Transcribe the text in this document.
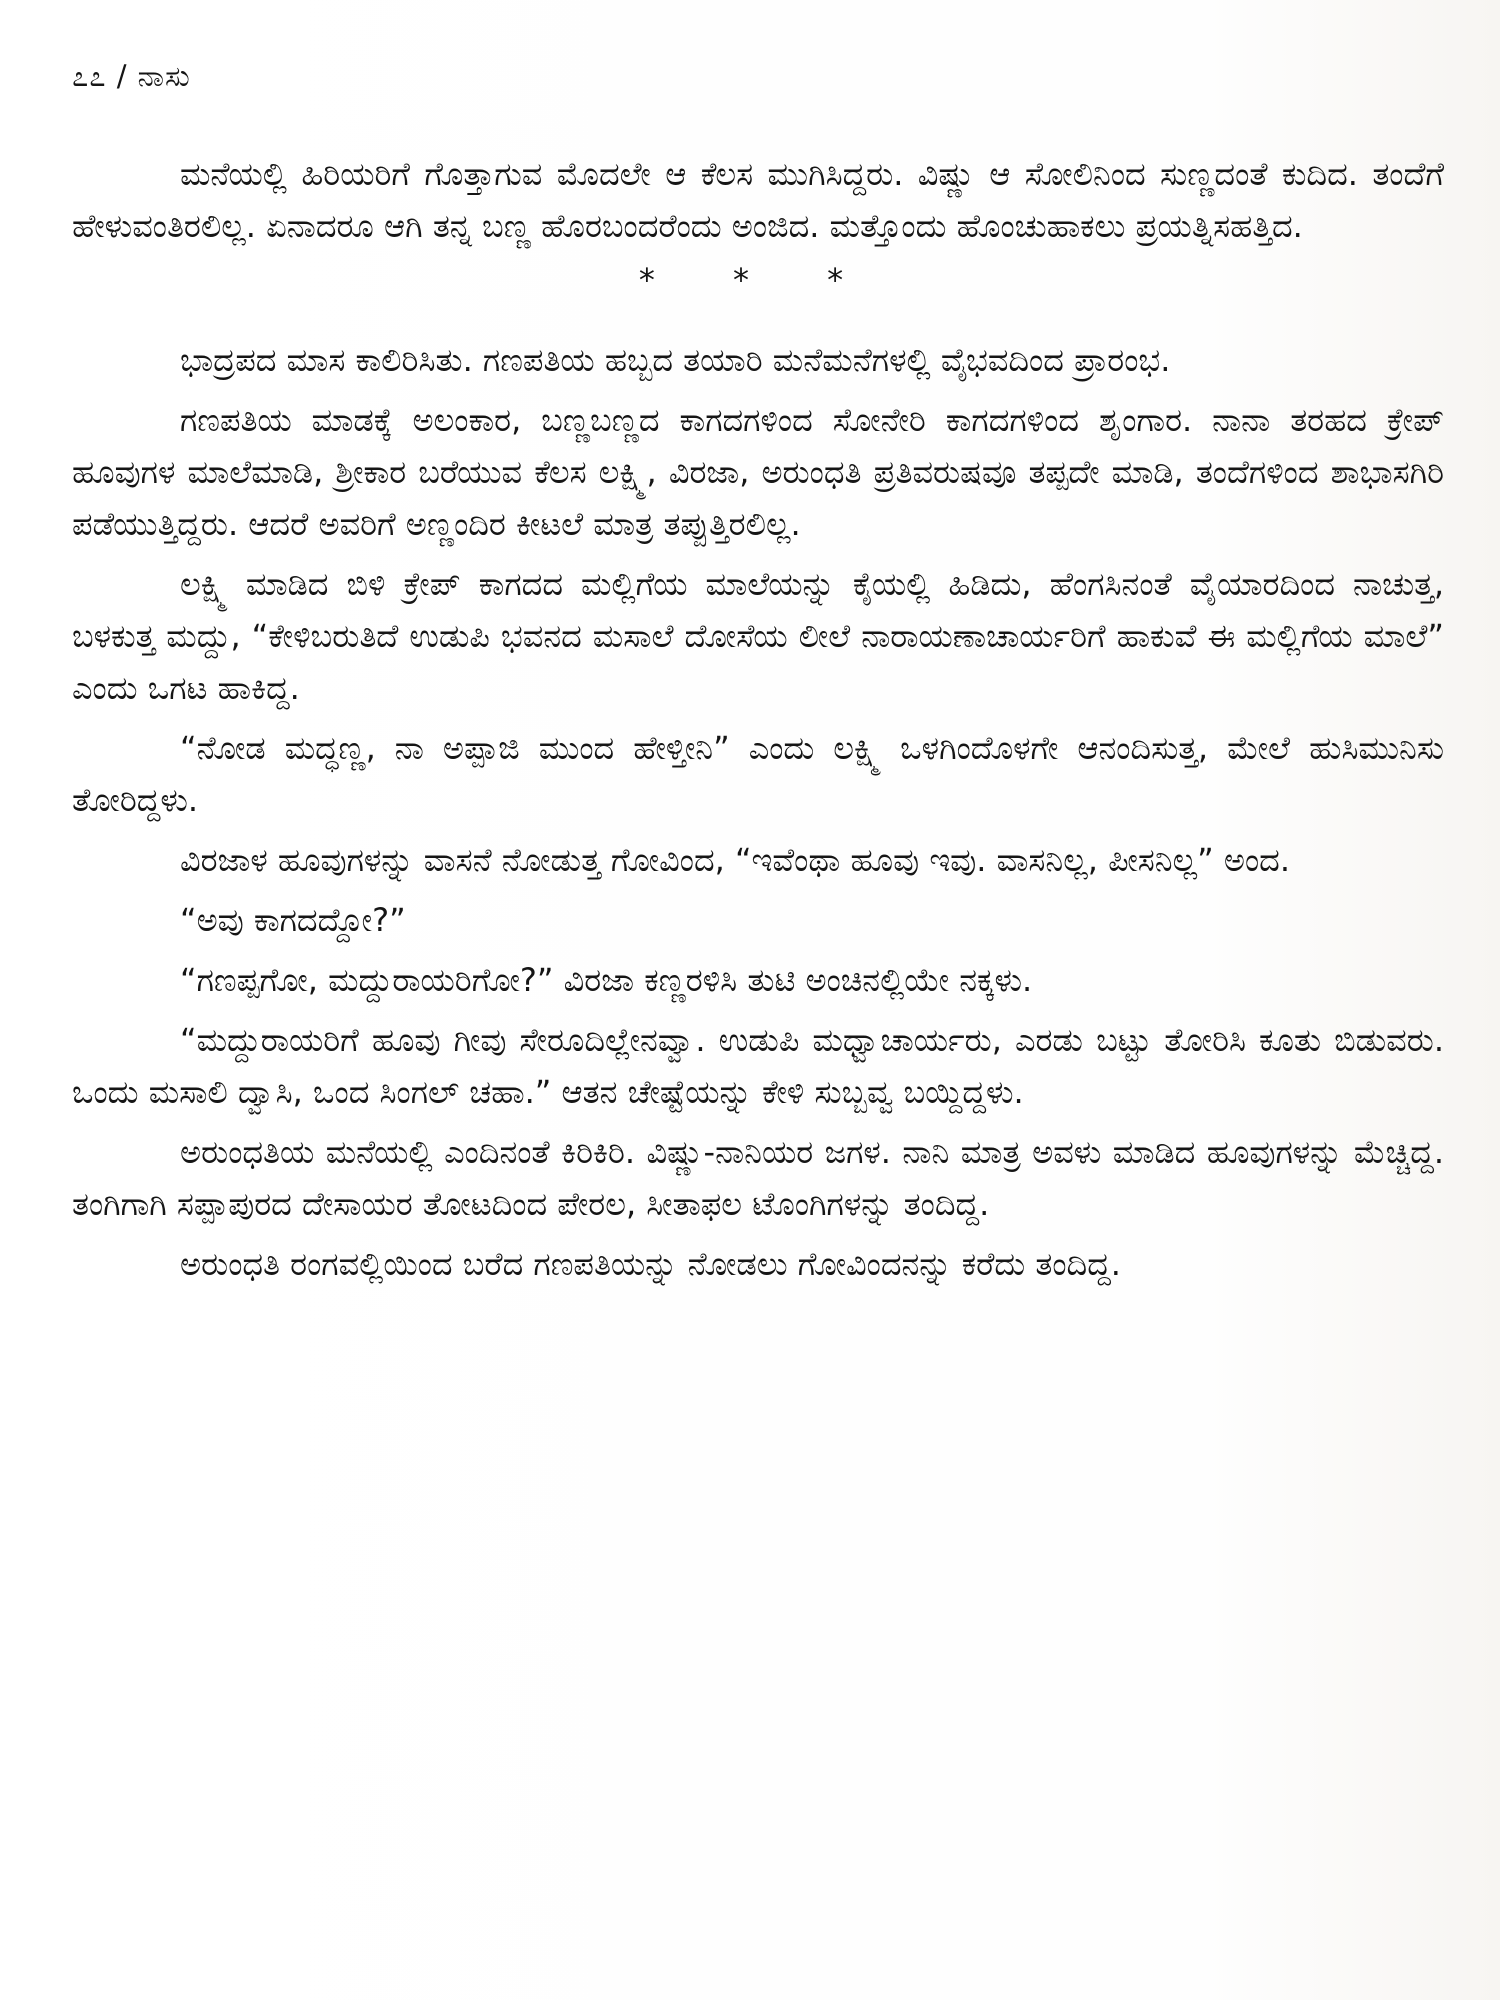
೭೭ / ನಾಸು

ಮನೆಯಲ್ಲಿ ಹಿರಿಯರಿಗೆ ಗೊತ್ತಾಗುವ ಮೊದಲೇ ಆ ಕೆಲಸ ಮುಗಿಸಿದ್ದರು. ವಿಷ್ಣು ಆ ಸೋಲಿನಿಂದ ಸುಣ್ಣದಂತೆ ಕುದಿದ. ತಂದೆಗೆ ಹೇಳುವಂತಿರಲಿಲ್ಲ. ಏನಾದರೂ ಆಗಿ ತನ್ನ ಬಣ್ಣ ಹೊರಬಂದರೆಂದು ಅಂಜಿದ. ಮತ್ತೊಂದು ಹೊಂಚುಹಾಕಲು ಪ್ರಯತ್ನಿಸಹತ್ತಿದ.

* * *

ಭಾದ್ರಪದ ಮಾಸ ಕಾಲಿರಿಸಿತು. ಗಣಪತಿಯ ಹಬ್ಬದ ತಯಾರಿ ಮನೆಮನೆಗಳಲ್ಲಿ ವೈಭವದಿಂದ ಪ್ರಾರಂಭ.

ಗಣಪತಿಯ ಮಾಡಕ್ಕೆ ಅಲಂಕಾರ, ಬಣ್ಣಬಣ್ಣದ ಕಾಗದಗಳಿಂದ ಸೋನೇರಿ ಕಾಗದಗಳಿಂದ ಶೃಂಗಾರ. ನಾನಾ ತರಹದ ಕ್ರೇಪ್ ಹೂವುಗಳ ಮಾಲೆಮಾಡಿ, ಶ್ರೀಕಾರ ಬರೆಯುವ ಕೆಲಸ ಲಕ್ಷ್ಮಿ, ವಿರಜಾ, ಅರುಂಧತಿ ಪ್ರತಿವರುಷವೂ ತಪ್ಪದೇ ಮಾಡಿ, ತಂದೆಗಳಿಂದ ಶಾಭಾಸಗಿರಿ ಪಡೆಯುತ್ತಿದ್ದರು. ಆದರೆ ಅವರಿಗೆ ಅಣ್ಣಂದಿರ ಕೀಟಲೆ ಮಾತ್ರ ತಪ್ಪುತ್ತಿರಲಿಲ್ಲ.

ಲಕ್ಷ್ಮಿ ಮಾಡಿದ ಬಿಳಿ ಕ್ರೇಪ್ ಕಾಗದದ ಮಲ್ಲಿಗೆಯ ಮಾಲೆಯನ್ನು ಕೈಯಲ್ಲಿ ಹಿಡಿದು, ಹೆಂಗಸಿನಂತೆ ವೈಯಾರದಿಂದ ನಾಚುತ್ತ, ಬಳಕುತ್ತ ಮದ್ದು, “ಕೇಳಿಬರುತಿದೆ ಉಡುಪಿ ಭವನದ ಮಸಾಲೆ ದೋಸೆಯ ಲೀಲೆ ನಾರಾಯಣಾಚಾರ್ಯರಿಗೆ ಹಾಕುವೆ ಈ ಮಲ್ಲಿಗೆಯ ಮಾಲೆ” ಎಂದು ಒಗಟ ಹಾಕಿದ್ದ.

“ನೋಡ ಮದ್ಧಣ್ಣ, ನಾ ಅಪ್ಪಾಜಿ ಮುಂದ ಹೇಳ್ತೀನಿ” ಎಂದು ಲಕ್ಷ್ಮಿ ಒಳಗಿಂದೊಳಗೇ ಆನಂದಿಸುತ್ತ, ಮೇಲೆ ಹುಸಿಮುನಿಸು ತೋರಿದ್ದಳು.

ವಿರಜಾಳ ಹೂವುಗಳನ್ನು ವಾಸನೆ ನೋಡುತ್ತ ಗೋವಿಂದ, “ಇವೆಂಥಾ ಹೂವು ಇವು. ವಾಸನಿಲ್ಲ, ಪೀಸನಿಲ್ಲ” ಅಂದ.

“ಅವು ಕಾಗದದ್ದೋ?”

“ಗಣಪ್ಪಗೋ, ಮದ್ದುರಾಯರಿಗೋ?” ವಿರಜಾ ಕಣ್ಣರಳಿಸಿ ತುಟಿ ಅಂಚಿನಲ್ಲಿಯೇ ನಕ್ಕಳು.

“ಮದ್ದುರಾಯರಿಗೆ ಹೂವು ಗೀವು ಸೇರೂದಿಲ್ಲೇನವ್ವಾ. ಉಡುಪಿ ಮಧ್ವಾಚಾರ್ಯರು, ಎರಡು ಬಟ್ಟು ತೋರಿಸಿ ಕೂತು ಬಿಡುವರು. ಒಂದು ಮಸಾಲಿ ದ್ವಾಸಿ, ಒಂದ ಸಿಂಗಲ್ ಚಹಾ.” ಆತನ ಚೇಷ್ಟೆಯನ್ನು ಕೇಳಿ ಸುಬ್ಬವ್ವ ಬಯ್ದಿದ್ದಳು.

ಅರುಂಧತಿಯ ಮನೆಯಲ್ಲಿ ಎಂದಿನಂತೆ ಕಿರಿಕಿರಿ. ವಿಷ್ಣು-ನಾನಿಯರ ಜಗಳ. ನಾನಿ ಮಾತ್ರ ಅವಳು ಮಾಡಿದ ಹೂವುಗಳನ್ನು ಮೆಚ್ಚಿದ್ದ. ತಂಗಿಗಾಗಿ ಸಪ್ಪಾಪುರದ ದೇಸಾಯರ ತೋಟದಿಂದ ಪೇರಲ, ಸೀತಾಫಲ ಟೊಂಗಿಗಳನ್ನು ತಂದಿದ್ದ.

ಅರುಂಧತಿ ರಂಗವಲ್ಲಿಯಿಂದ ಬರೆದ ಗಣಪತಿಯನ್ನು ನೋಡಲು ಗೋವಿಂದನನ್ನು ಕರೆದು ತಂದಿದ್ದ.
